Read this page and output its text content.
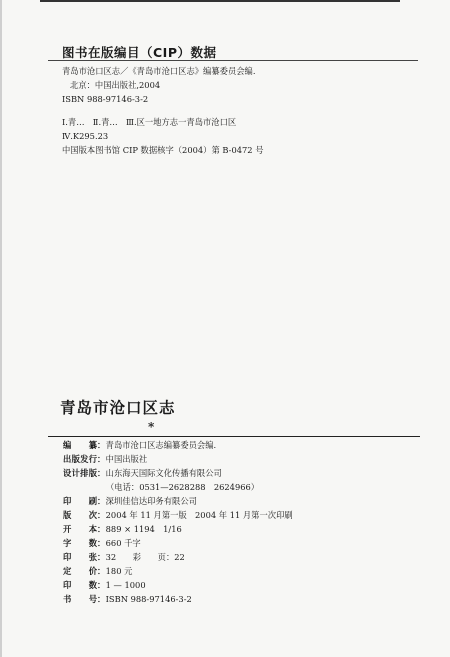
图书在版编目（CIP）数据
青岛市沧口区志／《青岛市沧口区志》编纂委员会编.
北京：中国出版社,2004
ISBN 988-97146-3-2
Ⅰ.青…　Ⅱ.青…　Ⅲ.区一地方志一青岛市沧口区
Ⅳ.K295.23
中国版本图书馆 CIP 数据核字（2004）第 B-0472 号
青岛市沧口区志
*
编纂： 青岛市沧口区志编纂委员会编.
出版发行： 中国出版社
设计排版： 山东海天国际文化传播有限公司
（电话：0531—2628288　2624966）
印刷： 深圳佳信达印务有限公司
版次： 2004 年 11 月第一版　2004 年 11 月第一次印刷
开本： 889 × 1194　1/16
字数： 660 千字
印张： 32　　彩　　页：22
定价： 180 元
印数： 1 — 1000
书号： ISBN 988-97146-3-2
